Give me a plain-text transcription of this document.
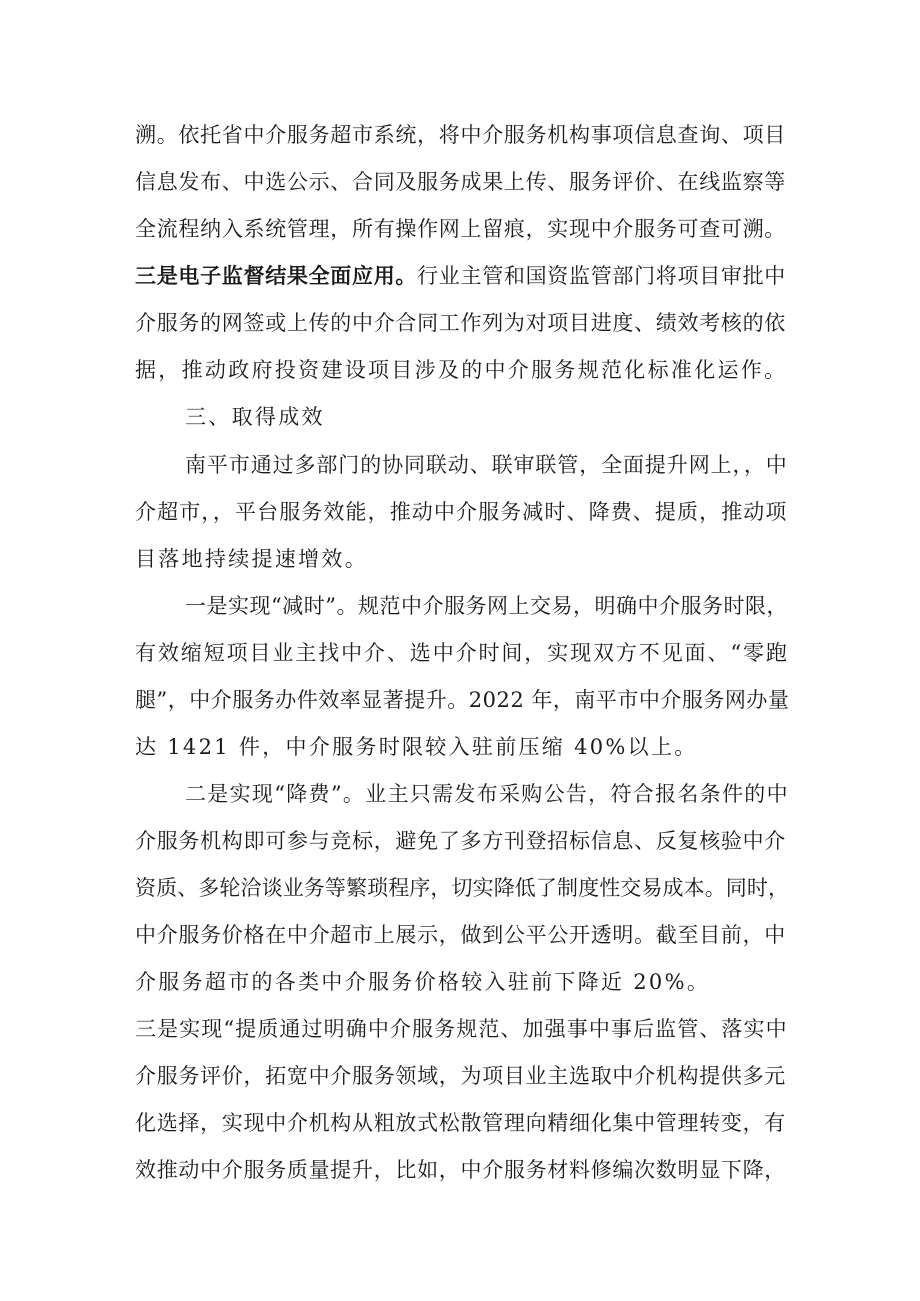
溯。依托省中介服务超市系统，将中介服务机构事项信息查询、项目
信息发布、中选公示、合同及服务成果上传、服务评价、在线监察等
全流程纳入系统管理，所有操作网上留痕，实现中介服务可查可溯。
三是电子监督结果全面应用。行业主管和国资监管部门将项目审批中
介服务的网签或上传的中介合同工作列为对项目进度、绩效考核的依
据，推动政府投资建设项目涉及的中介服务规范化标准化运作。
三、取得成效
南平市通过多部门的协同联动、联审联管，全面提升网上，，中
介超市，，平台服务效能，推动中介服务减时、降费、提质，推动项
目落地持续提速增效。
一是实现“减时”。规范中介服务网上交易，明确中介服务时限，
有效缩短项目业主找中介、选中介时间，实现双方不见面、“零跑
腿”，中介服务办件效率显著提升。2022 年，南平市中介服务网办量
达 1421 件，中介服务时限较入驻前压缩 40%以上。
二是实现“降费”。业主只需发布采购公告，符合报名条件的中
介服务机构即可参与竞标，避免了多方刊登招标信息、反复核验中介
资质、多轮洽谈业务等繁琐程序，切实降低了制度性交易成本。同时，
中介服务价格在中介超市上展示，做到公平公开透明。截至目前，中
介服务超市的各类中介服务价格较入驻前下降近 20%。
三是实现“提质通过明确中介服务规范、加强事中事后监管、落实中
介服务评价，拓宽中介服务领域，为项目业主选取中介机构提供多元
化选择，实现中介机构从粗放式松散管理向精细化集中管理转变，有
效推动中介服务质量提升，比如，中介服务材料修编次数明显下降，
